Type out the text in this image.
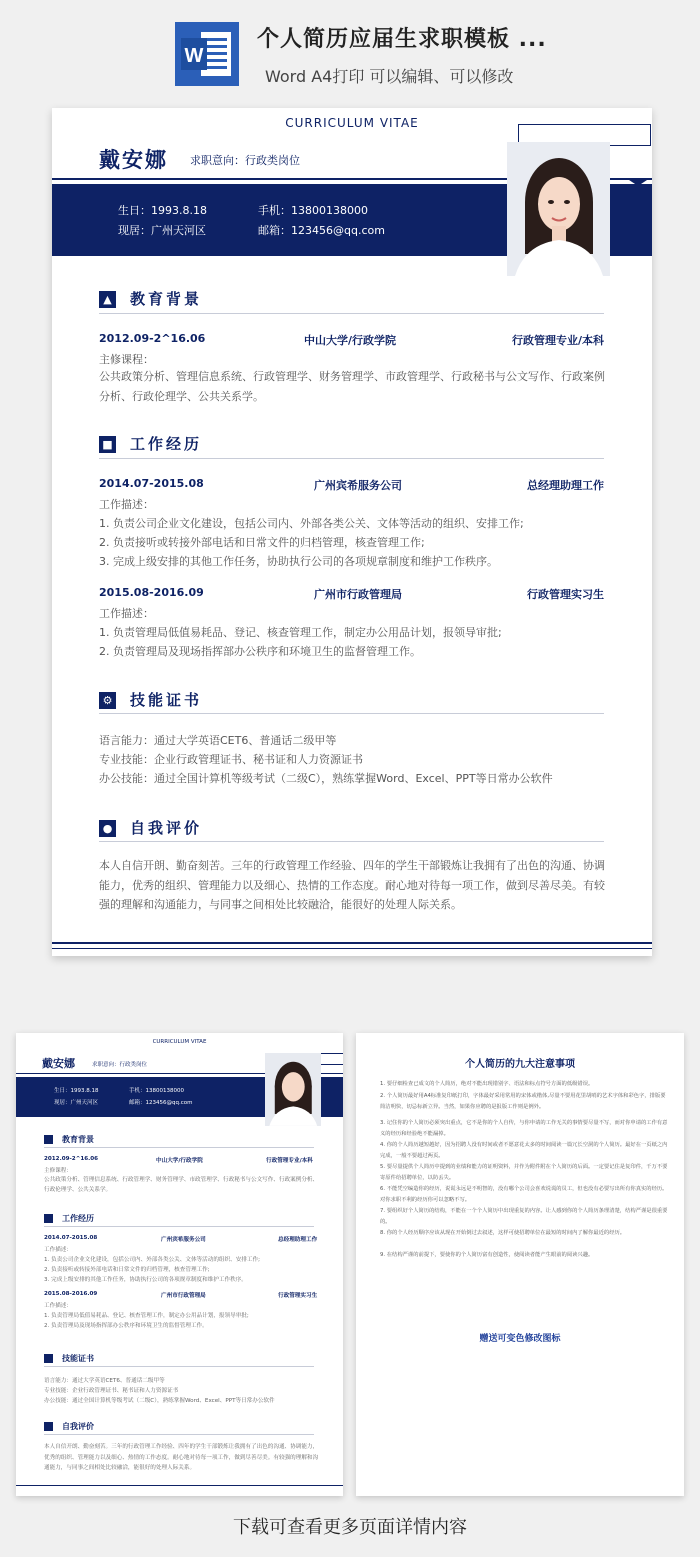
W
个人简历应届生求职模板 ...
Word A4打印 可以编辑、可以修改
CURRICULUM VITAE
戴安娜 求职意向：行政类岗位
生日：1993.8.18	手机：13800138000
现居：广州天河区	邮箱：123456@qq.com
▲ 教育背景
2012.09-2^16.06	中山大学/行政学院	行政管理专业/本科
主修课程：
公共政策分析、管理信息系统、行政管理学、财务管理学、市政管理学、行政秘书与公文写作、行政案例分析、行政伦理学、公共关系学。
■ 工作经历
2014.07-2015.08	广州宾希服务公司	总经理助理工作
工作描述：
1. 负责公司企业文化建设，包括公司内、外部各类公关、文体等活动的组织、安排工作;
2. 负责接听或转接外部电话和日常文件的归档管理，核查管理工作;
3. 完成上级安排的其他工作任务，协助执行公司的各项规章制度和维护工作秩序。
2015.08-2016.09	广州市行政管理局	行政管理实习生
工作描述：
1. 负责管理局低值易耗品、登记、核查管理工作，制定办公用品计划，报领导审批;
2. 负责管理局及现场指挥部办公秩序和环境卫生的监督管理工作。
⚙ 技能证书
语言能力：通过大学英语CET6、普通话二级甲等
专业技能：企业行政管理证书、秘书证和人力资源证书
办公技能：通过全国计算机等级考试（二级C），熟练掌握Word、Excel、PPT等日常办公软件
● 自我评价
本人自信开朗、勤奋刻苦。三年的行政管理工作经验、四年的学生干部锻炼让我拥有了出色的沟通、协调能力，优秀的组织、管理能力以及细心、热情的工作态度。耐心地对待每一项工作，做到尽善尽美。有较强的理解和沟通能力，与同事之间相处比较融洽，能很好的处理人际关系。
CURRICULUM VITAE
戴安娜	求职意向：行政类岗位
生日：1993.8.18	手机：13800138000
现居：广州天河区	邮箱：123456@qq.com
教育背景
2012.09-2^16.06	中山大学/行政学院	行政管理专业/本科
主修课程：
公共政策分析、管理信息系统、行政管理学、财务管理学、市政管理学、行政秘书与公文写作、行政案例分析、行政伦理学、公共关系学。
工作经历
2014.07-2015.08	广州宾希服务公司	总经理助理工作
工作描述：
1. 负责公司企业文化建设，包括公司内、外部各类公关、文体等活动的组织、安排工作;
2. 负责接听或转接外部电话和日常文件的归档管理，核查管理工作;
3. 完成上级安排的其他工作任务，协助执行公司的各项规章制度和维护工作秩序。
2015.08-2016.09	广州市行政管理局	行政管理实习生
工作描述：
1. 负责管理局低值易耗品、登记、核查管理工作，制定办公用品计划，报领导审批;
2. 负责管理局及现场指挥部办公秩序和环境卫生的监督管理工作。
技能证书
语言能力：通过大学英语CET6、普通话二级甲等
专业技能：企业行政管理证书、秘书证和人力资源证书
办公技能：通过全国计算机等级考试（二级C），熟练掌握Word、Excel、PPT等日常办公软件
自我评价
本人自信开朗、勤奋刻苦。三年的行政管理工作经验、四年的学生干部锻炼让我拥有了出色的沟通、协调能力，优秀的组织、管理能力以及细心、热情的工作态度。耐心地对待每一项工作，做到尽善尽美。有较强的理解和沟通能力，与同事之间相处比较融洽，能很好的处理人际关系。
个人简历的九大注意事项
1. 要仔细检查已成文的个人简历，绝对不能出现错别字、语法和标点符号方面的低级错误。
2. 个人简历最好用A4标准复印纸打印，字体最好采用常用的宋体或楷体,尽量不要用花里胡哨的艺术字体和彩色字，排版要简洁明快，切忌标新立异。当然，如果你应聘的是报版工作则是例外。
3. 记住你的个人简历必须突出重点，它不是你的个人自传，与你申请的工作无关的事情要尽量不写，而对你申请的工作有意义的经历和经验绝不能漏掉。
4. 你的个人简历越短越好，因为招聘人没有时间或者不愿意花太多的时间阅读一篇冗长空洞的个人简历。最好在一页纸之内完成，一般不要超过两页。
5. 要尽量提供个人简历中提到的业绩和能力的证明资料，并作为附件附在个人简历的后面。一定要记住是复印件，千万不要寄原件给招聘单位，以防丢失。
6. 不能凭空编造你的经历，说谎永远是不明智的，没有哪个公司会喜欢说谎的员工，但也没有必要写出所有你真实的经历。对你求职不利的经历你可以忽略不写。
7. 要组织好个人简历的结构，不能在一个个人简历中出现重复的内容。让人感到你的个人简历条理清楚，结构严谨是很重要的。
8. 你的个人经历顺序应该从现在开始倒过去叙述，这样可使招聘单位在最短的时间内了解你最近的经历。
9. 在结构严谨的前提下，要使你的个人简历富有创造性，使阅读者能产生眼前的阅读兴趣。
赠送可变色修改图标
下载可查看更多页面详情内容
